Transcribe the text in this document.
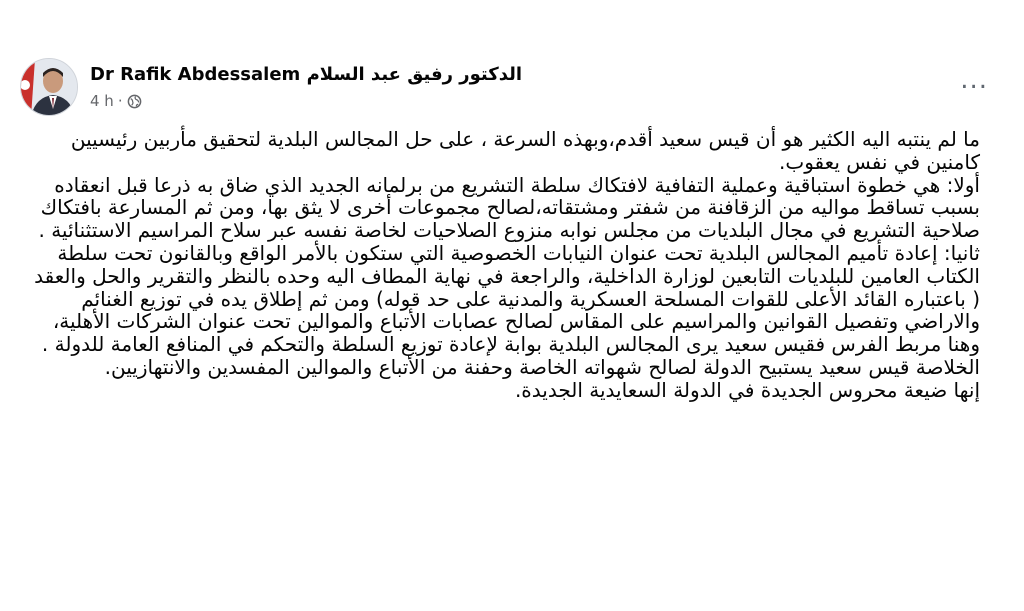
Dr Rafik Abdessalem الدكتور رفيق عبد السلام
4 h ·
...

ما لم ينتبه اليه الكثير هو أن قيس سعيد أقدم،وبهذه السرعة ، على حل المجالس البلدية لتحقيق مأربين رئيسيين كامنين في نفس يعقوب.

أولا: هي خطوة استباقية وعملية التفافية لافتكاك سلطة التشريع من برلمانه الجديد الذي ضاق به ذرعا قبل انعقاده بسبب تساقط مواليه من الزقافنة من شفتر ومشتقاته،لصالح مجموعات أخرى لا يثق بها، ومن ثم المسارعة بافتكاك صلاحية التشريع في مجال البلديات من مجلس نوابه منزوع الصلاحيات لخاصة نفسه عبر سلاح المراسيم الاستثنائية .

ثانيا: إعادة تأميم المجالس البلدية تحت عنوان النيابات الخصوصية التي ستكون بالأمر الواقع وبالقانون تحت سلطة الكتاب العامين للبلديات التابعين لوزارة الداخلية، والراجعة في نهاية المطاف اليه وحده بالنظر والتقرير والحل والعقد ( باعتباره القائد الأعلى للقوات المسلحة العسكرية والمدنية على حد قوله) ومن ثم إطلاق يده في توزيع الغنائم والاراضي وتفصيل القوانين والمراسيم على المقاس لصالح عصابات الأتباع والموالين تحت عنوان الشركات الأهلية، وهنا مربط الفرس فقيس سعيد يرى المجالس البلدية بوابة لإعادة توزيع السلطة والتحكم في المنافع العامة للدولة .

الخلاصة قيس سعيد يستبيح الدولة لصالح شهواته الخاصة وحفنة من الأتباع والموالين المفسدين والانتهازيين.

إنها ضيعة محروس الجديدة في الدولة السعايدية الجديدة.
